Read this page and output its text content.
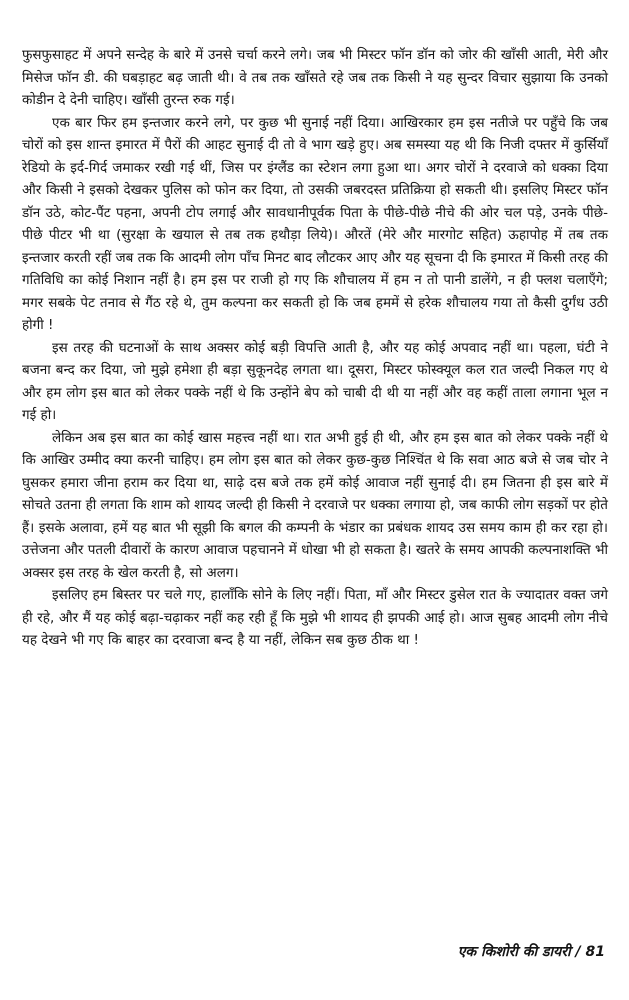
फुसफुसाहट में अपने सन्देह के बारे में उनसे चर्चा करने लगे। जब भी मिस्टर फॉन डॉन को जोर की खाँसी आती, मेरी और मिसेज फॉन डी. की घबड़ाहट बढ़ जाती थी। वे तब तक खाँसते रहे जब तक किसी ने यह सुन्दर विचार सुझाया कि उनको कोडीन दे देनी चाहिए। खाँसी तुरन्त रुक गई।

एक बार फिर हम इन्तजार करने लगे, पर कुछ भी सुनाई नहीं दिया। आखिरकार हम इस नतीजे पर पहुँचे कि जब चोरों को इस शान्त इमारत में पैरों की आहट सुनाई दी तो वे भाग खड़े हुए। अब समस्या यह थी कि निजी दफ्तर में कुर्सियाँ रेडियो के इर्द-गिर्द जमाकर रखी गई थीं, जिस पर इंग्लैंड का स्टेशन लगा हुआ था। अगर चोरों ने दरवाजे को धक्का दिया और किसी ने इसको देखकर पुलिस को फोन कर दिया, तो उसकी जबरदस्त प्रतिक्रिया हो सकती थी। इसलिए मिस्टर फॉन डॉन उठे, कोट-पैंट पहना, अपनी टोप लगाई और सावधानीपूर्वक पिता के पीछे-पीछे नीचे की ओर चल पड़े, उनके पीछे-पीछे पीटर भी था (सुरक्षा के खयाल से तब तक हथौड़ा लिये)। औरतें (मेरे और मारगोट सहित) ऊहापोह में तब तक इन्तजार करती रहीं जब तक कि आदमी लोग पाँच मिनट बाद लौटकर आए और यह सूचना दी कि इमारत में किसी तरह की गतिविधि का कोई निशान नहीं है। हम इस पर राजी हो गए कि शौचालय में हम न तो पानी डालेंगे, न ही फ्लश चलाएँगे; मगर सबके पेट तनाव से गैंठ रहे थे, तुम कल्पना कर सकती हो कि जब हममें से हरेक शौचालय गया तो कैसी दुर्गंध उठी होगी !

इस तरह की घटनाओं के साथ अक्सर कोई बड़ी विपत्ति आती है, और यह कोई अपवाद नहीं था। पहला, घंटी ने बजना बन्द कर दिया, जो मुझे हमेशा ही बड़ा सुकूनदेह लगता था। दूसरा, मिस्टर फोस्क्यूल कल रात जल्दी निकल गए थे और हम लोग इस बात को लेकर पक्के नहीं थे कि उन्होंने बेप को चाबी दी थी या नहीं और वह कहीं ताला लगाना भूल न गई हो।

लेकिन अब इस बात का कोई खास महत्त्व नहीं था। रात अभी हुई ही थी, और हम इस बात को लेकर पक्के नहीं थे कि आखिर उम्मीद क्या करनी चाहिए। हम लोग इस बात को लेकर कुछ-कुछ निश्चिंत थे कि सवा आठ बजे से जब चोर ने घुसकर हमारा जीना हराम कर दिया था, साढ़े दस बजे तक हमें कोई आवाज नहीं सुनाई दी। हम जितना ही इस बारे में सोचते उतना ही लगता कि शाम को शायद जल्दी ही किसी ने दरवाजे पर धक्का लगाया हो, जब काफी लोग सड़कों पर होते हैं। इसके अलावा, हमें यह बात भी सूझी कि बगल की कम्पनी के भंडार का प्रबंधक शायद उस समय काम ही कर रहा हो। उत्तेजना और पतली दीवारों के कारण आवाज पहचानने में धोखा भी हो सकता है। खतरे के समय आपकी कल्पनाशक्ति भी अक्सर इस तरह के खेल करती है, सो अलग।

इसलिए हम बिस्तर पर चले गए, हालाँकि सोने के लिए नहीं। पिता, माँ और मिस्टर डुसेल रात के ज्यादातर वक्त जगे ही रहे, और मैं यह कोई बढ़ा-चढ़ाकर नहीं कह रही हूँ कि मुझे भी शायद ही झपकी आई हो। आज सुबह आदमी लोग नीचे यह देखने भी गए कि बाहर का दरवाजा बन्द है या नहीं, लेकिन सब कुछ ठीक था !

एक किशोरी की डायरी / 81
